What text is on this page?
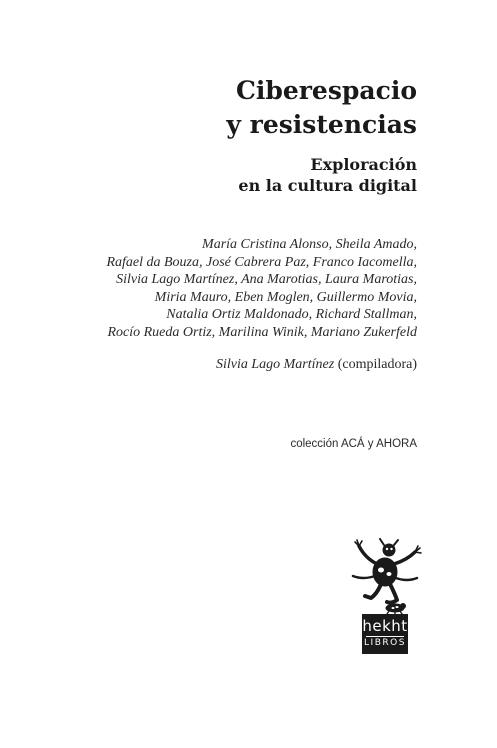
Ciberespacio
y resistencias
Exploración
en la cultura digital
María Cristina Alonso, Sheila Amado,
Rafael da Bouza, José Cabrera Paz, Franco Iacomella,
Silvia Lago Martínez, Ana Marotias, Laura Marotias,
Miria Mauro, Eben Moglen, Guillermo Movia,
Natalia Ortiz Maldonado, Richard Stallman,
Rocío Rueda Ortiz, Marilina Winik, Mariano Zukerfeld
Silvia Lago Martínez (compiladora)
colección ACÁ y AHORA
hekht
LIBROS
